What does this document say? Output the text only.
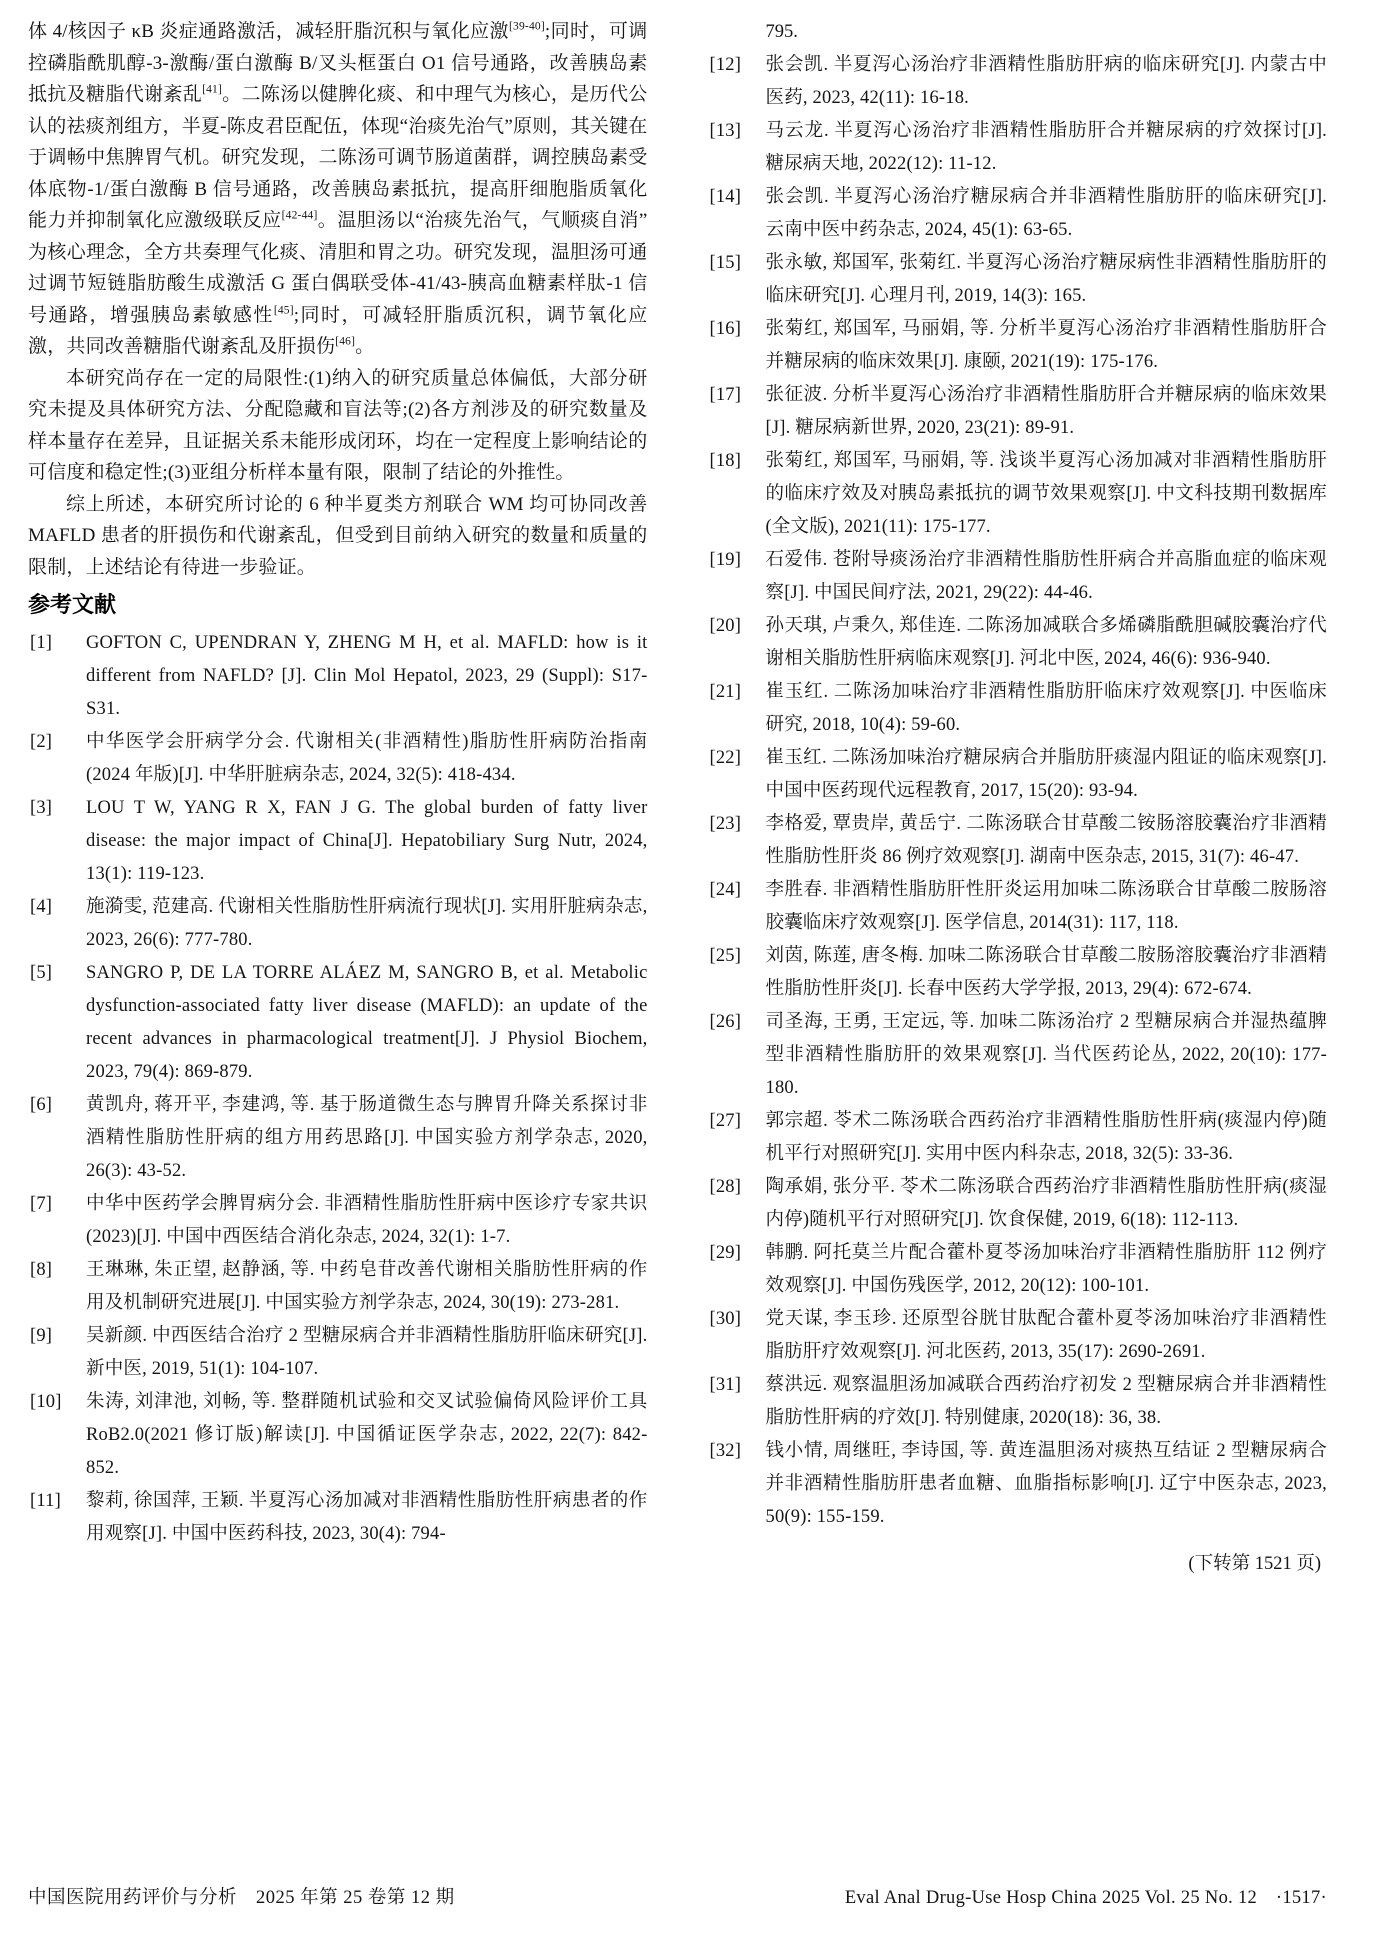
体 4/核因子 κB 炎症通路激活，减轻肝脂沉积与氧化应激[39-40];同时，可调控磷脂酰肌醇-3-激酶/蛋白激酶 B/叉头框蛋白 O1 信号通路，改善胰岛素抵抗及糖脂代谢紊乱[41]。二陈汤以健脾化痰、和中理气为核心，是历代公认的祛痰剂组方，半夏-陈皮君臣配伍，体现“治痰先治气”原则，其关键在于调畅中焦脾胃气机。研究发现，二陈汤可调节肠道菌群，调控胰岛素受体底物-1/蛋白激酶 B 信号通路，改善胰岛素抵抗，提高肝细胞脂质氧化能力并抑制氧化应激级联反应[42-44]。温胆汤以“治痰先治气，气顺痰自消”为核心理念，全方共奏理气化痰、清胆和胃之功。研究发现，温胆汤可通过调节短链脂肪酸生成激活 G 蛋白偶联受体-41/43-胰高血糖素样肽-1 信号通路，增强胰岛素敏感性[45];同时，可减轻肝脂质沉积，调节氧化应激，共同改善糖脂代谢紊乱及肝损伤[46]。

本研究尚存在一定的局限性:(1)纳入的研究质量总体偏低，大部分研究未提及具体研究方法、分配隐藏和盲法等;(2)各方剂涉及的研究数量及样本量存在差异，且证据关系未能形成闭环，均在一定程度上影响结论的可信度和稳定性;(3)亚组分析样本量有限，限制了结论的外推性。

综上所述，本研究所讨论的 6 种半夏类方剂联合 WM 均可协同改善 MAFLD 患者的肝损伤和代谢紊乱，但受到目前纳入研究的数量和质量的限制，上述结论有待进一步验证。

参考文献
[1] GOFTON C, UPENDRAN Y, ZHENG M H, et al. MAFLD: how is it different from NAFLD? [J]. Clin Mol Hepatol, 2023, 29 (Suppl): S17-S31.
[2] 中华医学会肝病学分会. 代谢相关(非酒精性)脂肪性肝病防治指南(2024 年版)[J]. 中华肝脏病杂志, 2024, 32(5): 418-434.
[3] LOU T W, YANG R X, FAN J G. The global burden of fatty liver disease: the major impact of China[J]. Hepatobiliary Surg Nutr, 2024, 13(1): 119-123.
[4] 施漪雯, 范建高. 代谢相关性脂肪性肝病流行现状[J]. 实用肝脏病杂志, 2023, 26(6): 777-780.
[5] SANGRO P, DE LA TORRE ALÁEZ M, SANGRO B, et al. Metabolic dysfunction-associated fatty liver disease (MAFLD): an update of the recent advances in pharmacological treatment[J]. J Physiol Biochem, 2023, 79(4): 869-879.
[6] 黄凯舟, 蒋开平, 李建鸿, 等. 基于肠道微生态与脾胃升降关系探讨非酒精性脂肪性肝病的组方用药思路[J]. 中国实验方剂学杂志, 2020, 26(3): 43-52.
[7] 中华中医药学会脾胃病分会. 非酒精性脂肪性肝病中医诊疗专家共识(2023)[J]. 中国中西医结合消化杂志, 2024, 32(1): 1-7.
[8] 王琳琳, 朱正望, 赵静涵, 等. 中药皂苷改善代谢相关脂肪性肝病的作用及机制研究进展[J]. 中国实验方剂学杂志, 2024, 30(19): 273-281.
[9] 吴新颜. 中西医结合治疗 2 型糖尿病合并非酒精性脂肪肝临床研究[J]. 新中医, 2019, 51(1): 104-107.
[10] 朱涛, 刘津池, 刘畅, 等. 整群随机试验和交叉试验偏倚风险评价工具 RoB2.0(2021 修订版)解读[J]. 中国循证医学杂志, 2022, 22(7): 842-852.
[11] 黎莉, 徐国萍, 王颖. 半夏泻心汤加减对非酒精性脂肪性肝病患者的作用观察[J]. 中国中医药科技, 2023, 30(4): 794-
795.
[12] 张会凯. 半夏泻心汤治疗非酒精性脂肪肝病的临床研究[J]. 内蒙古中医药, 2023, 42(11): 16-18.
[13] 马云龙. 半夏泻心汤治疗非酒精性脂肪肝合并糖尿病的疗效探讨[J]. 糖尿病天地, 2022(12): 11-12.
[14] 张会凯. 半夏泻心汤治疗糖尿病合并非酒精性脂肪肝的临床研究[J]. 云南中医中药杂志, 2024, 45(1): 63-65.
[15] 张永敏, 郑国军, 张菊红. 半夏泻心汤治疗糖尿病性非酒精性脂肪肝的临床研究[J]. 心理月刊, 2019, 14(3): 165.
[16] 张菊红, 郑国军, 马丽娟, 等. 分析半夏泻心汤治疗非酒精性脂肪肝合并糖尿病的临床效果[J]. 康颐, 2021(19): 175-176.
[17] 张征波. 分析半夏泻心汤治疗非酒精性脂肪肝合并糖尿病的临床效果[J]. 糖尿病新世界, 2020, 23(21): 89-91.
[18] 张菊红, 郑国军, 马丽娟, 等. 浅谈半夏泻心汤加减对非酒精性脂肪肝的临床疗效及对胰岛素抵抗的调节效果观察[J]. 中文科技期刊数据库(全文版), 2021(11): 175-177.
[19] 石爱伟. 苍附导痰汤治疗非酒精性脂肪性肝病合并高脂血症的临床观察[J]. 中国民间疗法, 2021, 29(22): 44-46.
[20] 孙天琪, 卢秉久, 郑佳连. 二陈汤加减联合多烯磷脂酰胆碱胶囊治疗代谢相关脂肪性肝病临床观察[J]. 河北中医, 2024, 46(6): 936-940.
[21] 崔玉红. 二陈汤加味治疗非酒精性脂肪肝临床疗效观察[J]. 中医临床研究, 2018, 10(4): 59-60.
[22] 崔玉红. 二陈汤加味治疗糖尿病合并脂肪肝痰湿内阻证的临床观察[J]. 中国中医药现代远程教育, 2017, 15(20): 93-94.
[23] 李格爱, 覃贵岸, 黄岳宁. 二陈汤联合甘草酸二铵肠溶胶囊治疗非酒精性脂肪性肝炎 86 例疗效观察[J]. 湖南中医杂志, 2015, 31(7): 46-47.
[24] 李胜春. 非酒精性脂肪肝性肝炎运用加味二陈汤联合甘草酸二胺肠溶胶囊临床疗效观察[J]. 医学信息, 2014(31): 117, 118.
[25] 刘茵, 陈莲, 唐冬梅. 加味二陈汤联合甘草酸二胺肠溶胶囊治疗非酒精性脂肪性肝炎[J]. 长春中医药大学学报, 2013, 29(4): 672-674.
[26] 司圣海, 王勇, 王定远, 等. 加味二陈汤治疗 2 型糖尿病合并湿热蕴脾型非酒精性脂肪肝的效果观察[J]. 当代医药论丛, 2022, 20(10): 177-180.
[27] 郭宗超. 苓术二陈汤联合西药治疗非酒精性脂肪性肝病(痰湿内停)随机平行对照研究[J]. 实用中医内科杂志, 2018, 32(5): 33-36.
[28] 陶承娟, 张分平. 苓术二陈汤联合西药治疗非酒精性脂肪性肝病(痰湿内停)随机平行对照研究[J]. 饮食保健, 2019, 6(18): 112-113.
[29] 韩鹏. 阿托莫兰片配合藿朴夏苓汤加味治疗非酒精性脂肪肝 112 例疗效观察[J]. 中国伤残医学, 2012, 20(12): 100-101.
[30] 党天谋, 李玉珍. 还原型谷胱甘肽配合藿朴夏苓汤加味治疗非酒精性脂肪肝疗效观察[J]. 河北医药, 2013, 35(17): 2690-2691.
[31] 蔡洪远. 观察温胆汤加减联合西药治疗初发 2 型糖尿病合并非酒精性脂肪性肝病的疗效[J]. 特别健康, 2020(18): 36, 38.
[32] 钱小情, 周继旺, 李诗国, 等. 黄连温胆汤对痰热互结证 2 型糖尿病合并非酒精性脂肪肝患者血糖、血脂指标影响[J]. 辽宁中医杂志, 2023, 50(9): 155-159.
(下转第 1521 页)
中国医院用药评价与分析　2025 年第 25 卷第 12 期	Eval Anal Drug-Use Hosp China 2025 Vol. 25 No. 12　·1517·
